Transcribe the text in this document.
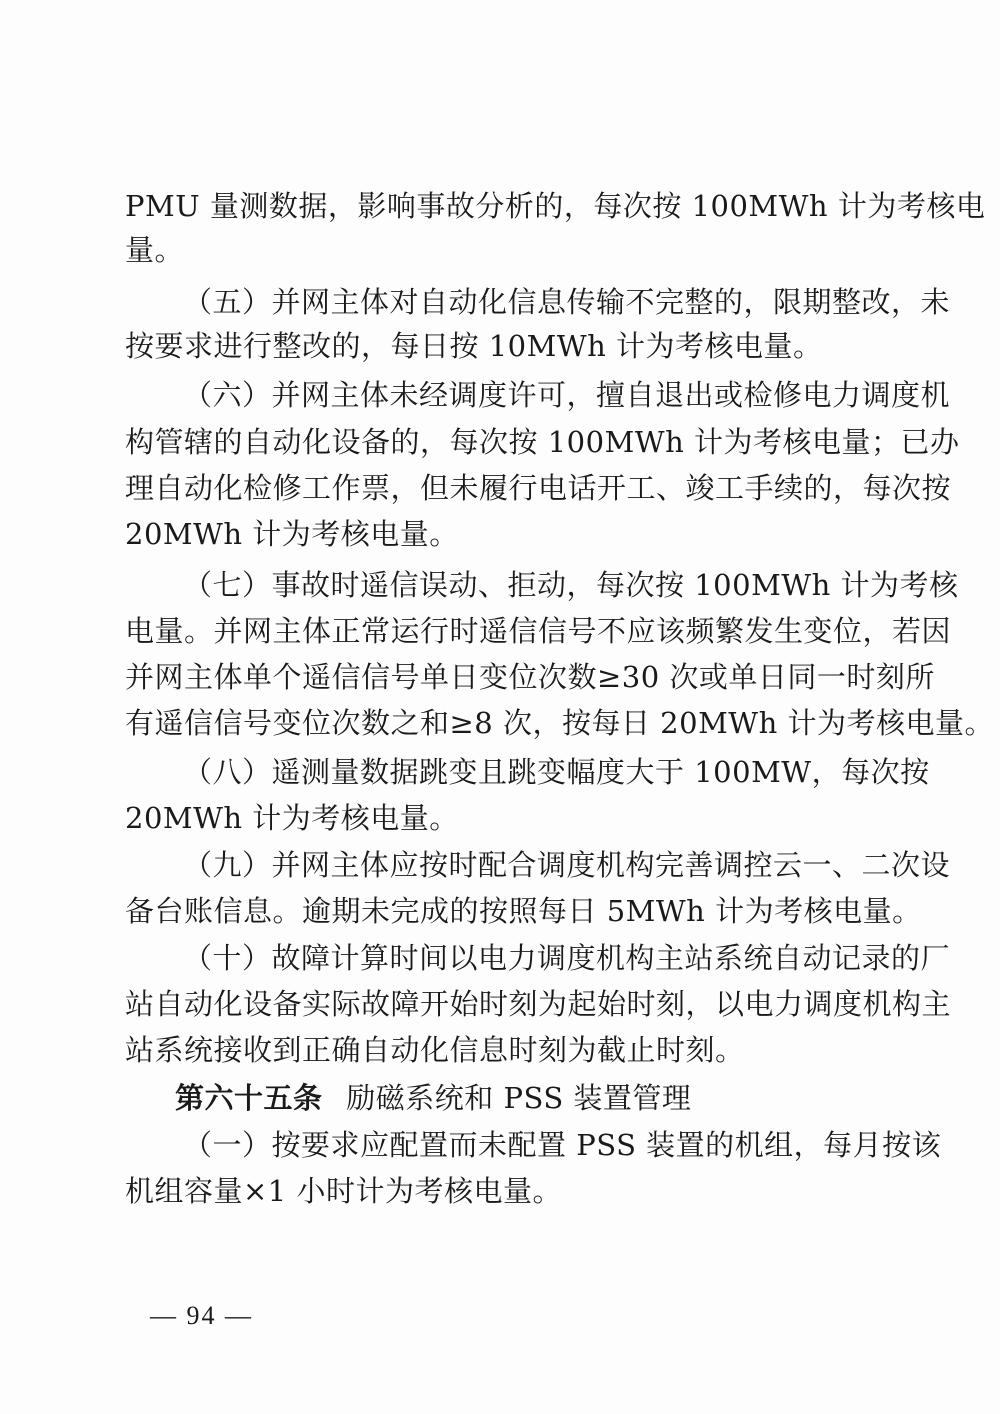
PMU 量测数据，影响事故分析的，每次按 100MWh 计为考核电
量。
（五）并网主体对自动化信息传输不完整的，限期整改，未
按要求进行整改的，每日按 10MWh 计为考核电量。
（六）并网主体未经调度许可，擅自退出或检修电力调度机
构管辖的自动化设备的，每次按 100MWh 计为考核电量；已办
理自动化检修工作票，但未履行电话开工、竣工手续的，每次按
20MWh 计为考核电量。
（七）事故时遥信误动、拒动，每次按 100MWh 计为考核
电量。并网主体正常运行时遥信信号不应该频繁发生变位，若因
并网主体单个遥信信号单日变位次数≥30 次或单日同一时刻所
有遥信信号变位次数之和≥8 次，按每日 20MWh 计为考核电量。
（八）遥测量数据跳变且跳变幅度大于 100MW，每次按
20MWh 计为考核电量。
（九）并网主体应按时配合调度机构完善调控云一、二次设
备台账信息。逾期未完成的按照每日 5MWh 计为考核电量。
（十）故障计算时间以电力调度机构主站系统自动记录的厂
站自动化设备实际故障开始时刻为起始时刻，以电力调度机构主
站系统接收到正确自动化信息时刻为截止时刻。
第六十五条 励磁系统和 PSS 装置管理
（一）按要求应配置而未配置 PSS 装置的机组，每月按该
机组容量×1 小时计为考核电量。
— 94 —
